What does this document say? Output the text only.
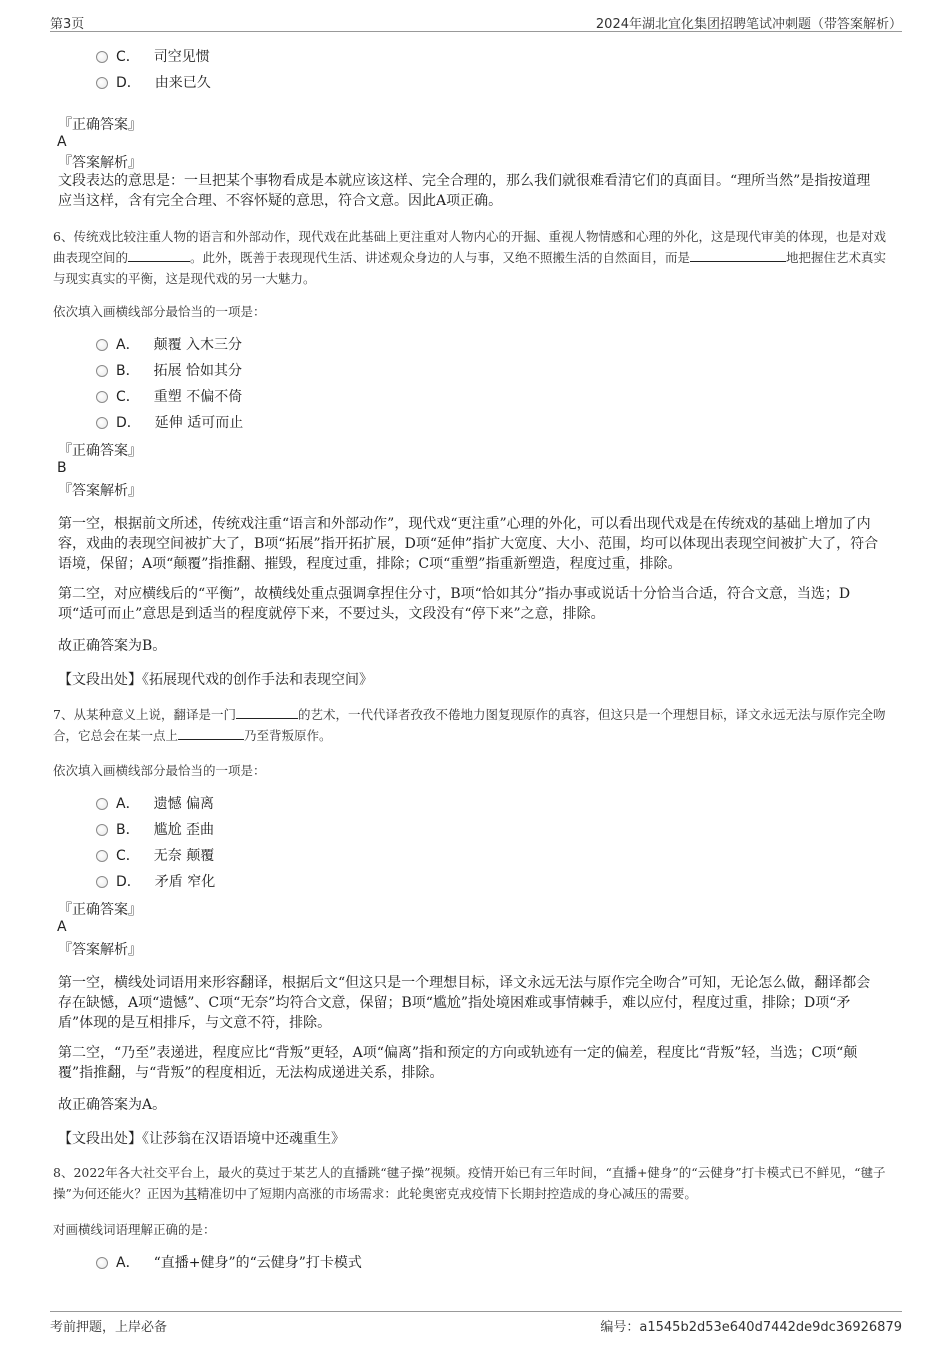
第3页	2024年湖北宜化集团招聘笔试冲刺题（带答案解析）
C． 司空见惯
D． 由来已久
『正确答案』
A
『答案解析』
文段表达的意思是：一旦把某个事物看成是本就应该这样、完全合理的，那么我们就很难看清它们的真面目。“理所当然”是指按道理应当这样，含有完全合理、不容怀疑的意思，符合文意。因此A项正确。
6、传统戏比较注重人物的语言和外部动作，现代戏在此基础上更注重对人物内心的开掘、重视人物情感和心理的外化，这是现代审美的体现，也是对戏曲表现空间的	。此外，既善于表现现代生活、讲述观众身边的人与事，又绝不照搬生活的自然面目，而是	地把握住艺术真实与现实真实的平衡，这是现代戏的另一大魅力。
依次填入画横线部分最恰当的一项是：
A． 颠覆 入木三分
B． 拓展 恰如其分
C． 重塑 不偏不倚
D． 延伸 适可而止
『正确答案』
B
『答案解析』
第一空，根据前文所述，传统戏注重“语言和外部动作”，现代戏“更注重”心理的外化，可以看出现代戏是在传统戏的基础上增加了内容，戏曲的表现空间被扩大了，B项“拓展”指开拓扩展，D项“延伸”指扩大宽度、大小、范围，均可以体现出表现空间被扩大了，符合语境，保留；A项“颠覆”指推翻、摧毁，程度过重，排除；C项“重塑”指重新塑造，程度过重，排除。
第二空，对应横线后的“平衡”，故横线处重点强调拿捏住分寸，B项“恰如其分”指办事或说话十分恰当合适，符合文意，当选；D项“适可而止”意思是到适当的程度就停下来，不要过头，文段没有“停下来”之意，排除。
故正确答案为B。
【文段出处】《拓展现代戏的创作手法和表现空间》
7、从某种意义上说，翻译是一门	的艺术，一代代译者孜孜不倦地力图复现原作的真容，但这只是一个理想目标，译文永远无法与原作完全吻合，它总会在某一点上	乃至背叛原作。
依次填入画横线部分最恰当的一项是：
A． 遗憾 偏离
B． 尴尬 歪曲
C． 无奈 颠覆
D． 矛盾 窄化
『正确答案』
A
『答案解析』
第一空，横线处词语用来形容翻译，根据后文“但这只是一个理想目标，译文永远无法与原作完全吻合”可知，无论怎么做，翻译都会存在缺憾，A项“遗憾”、C项“无奈”均符合文意，保留；B项“尴尬”指处境困难或事情棘手，难以应付，程度过重，排除；D项“矛盾”体现的是互相排斥，与文意不符，排除。
第二空，“乃至”表递进，程度应比“背叛”更轻，A项“偏离”指和预定的方向或轨迹有一定的偏差，程度比“背叛”轻，当选；C项“颠覆”指推翻，与“背叛”的程度相近，无法构成递进关系，排除。
故正确答案为A。
【文段出处】《让莎翁在汉语语境中还魂重生》
8、2022年各大社交平台上，最火的莫过于某艺人的直播跳“毽子操”视频。疫情开始已有三年时间，“直播+健身”的“云健身”打卡模式已不鲜见，“毽子操”为何还能火？正因为其精准切中了短期内高涨的市场需求：此轮奥密克戎疫情下长期封控造成的身心减压的需要。
对画横线词语理解正确的是：
A． “直播+健身”的“云健身”打卡模式
考前押题，上岸必备	编号：a1545b2d53e640d7442de9dc36926879
